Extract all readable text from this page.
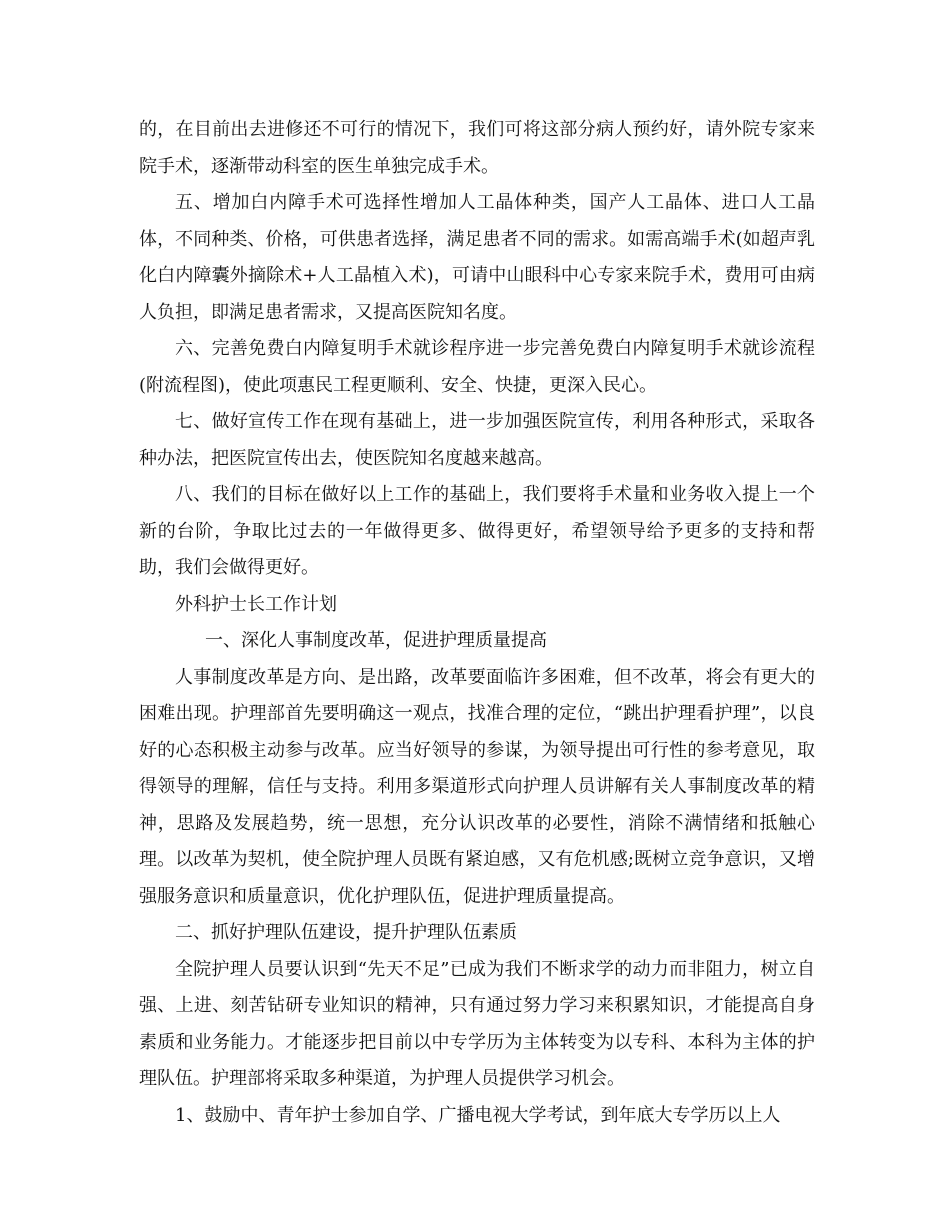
的，在目前出去进修还不可行的情况下，我们可将这部分病人预约好，请外院专家来院手术，逐渐带动科室的医生单独完成手术。

五、增加白内障手术可选择性增加人工晶体种类，国产人工晶体、进口人工晶体，不同种类、价格，可供患者选择，满足患者不同的需求。如需高端手术(如超声乳化白内障囊外摘除术+人工晶植入术)，可请中山眼科中心专家来院手术，费用可由病人负担，即满足患者需求，又提高医院知名度。

六、完善免费白内障复明手术就诊程序进一步完善免费白内障复明手术就诊流程(附流程图)，使此项惠民工程更顺利、安全、快捷，更深入民心。

七、做好宣传工作在现有基础上，进一步加强医院宣传，利用各种形式，采取各种办法，把医院宣传出去，使医院知名度越来越高。

八、我们的目标在做好以上工作的基础上，我们要将手术量和业务收入提上一个新的台阶，争取比过去的一年做得更多、做得更好，希望领导给予更多的支持和帮助，我们会做得更好。

外科护士长工作计划

一、深化人事制度改革，促进护理质量提高

人事制度改革是方向、是出路，改革要面临许多困难，但不改革，将会有更大的困难出现。护理部首先要明确这一观点，找准合理的定位，“跳出护理看护理”，以良好的心态积极主动参与改革。应当好领导的参谋，为领导提出可行性的参考意见，取得领导的理解，信任与支持。利用多渠道形式向护理人员讲解有关人事制度改革的精神，思路及发展趋势，统一思想，充分认识改革的必要性，消除不满情绪和抵触心理。以改革为契机，使全院护理人员既有紧迫感，又有危机感;既树立竞争意识，又增强服务意识和质量意识，优化护理队伍，促进护理质量提高。

二、抓好护理队伍建设，提升护理队伍素质

全院护理人员要认识到“先天不足”已成为我们不断求学的动力而非阻力，树立自强、上进、刻苦钻研专业知识的精神，只有通过努力学习来积累知识，才能提高自身素质和业务能力。才能逐步把目前以中专学历为主体转变为以专科、本科为主体的护理队伍。护理部将采取多种渠道，为护理人员提供学习机会。

1、鼓励中、青年护士参加自学、广播电视大学考试，到年底大专学历以上人
